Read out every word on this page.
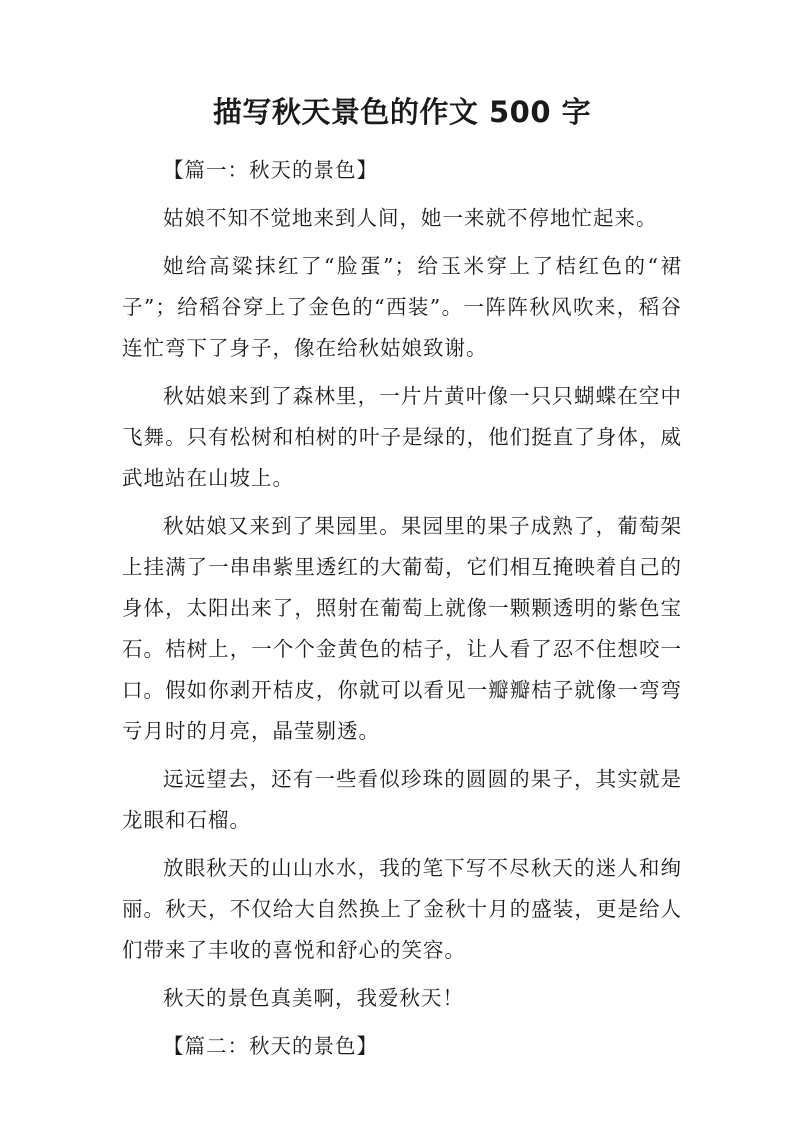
描写秋天景色的作文 500 字

【篇一：秋天的景色】

姑娘不知不觉地来到人间，她一来就不停地忙起来。

她给高粱抹红了“脸蛋”；给玉米穿上了桔红色的“裙子”；给稻谷穿上了金色的“西装”。一阵阵秋风吹来，稻谷连忙弯下了身子，像在给秋姑娘致谢。

秋姑娘来到了森林里，一片片黄叶像一只只蝴蝶在空中飞舞。只有松树和柏树的叶子是绿的，他们挺直了身体，威武地站在山坡上。

秋姑娘又来到了果园里。果园里的果子成熟了，葡萄架上挂满了一串串紫里透红的大葡萄，它们相互掩映着自己的身体，太阳出来了，照射在葡萄上就像一颗颗透明的紫色宝石。桔树上，一个个金黄色的桔子，让人看了忍不住想咬一口。假如你剥开桔皮，你就可以看见一瓣瓣桔子就像一弯弯亏月时的月亮，晶莹剔透。

远远望去，还有一些看似珍珠的圆圆的果子，其实就是龙眼和石榴。

放眼秋天的山山水水，我的笔下写不尽秋天的迷人和绚丽。秋天，不仅给大自然换上了金秋十月的盛装，更是给人们带来了丰收的喜悦和舒心的笑容。

秋天的景色真美啊，我爱秋天！

【篇二：秋天的景色】
